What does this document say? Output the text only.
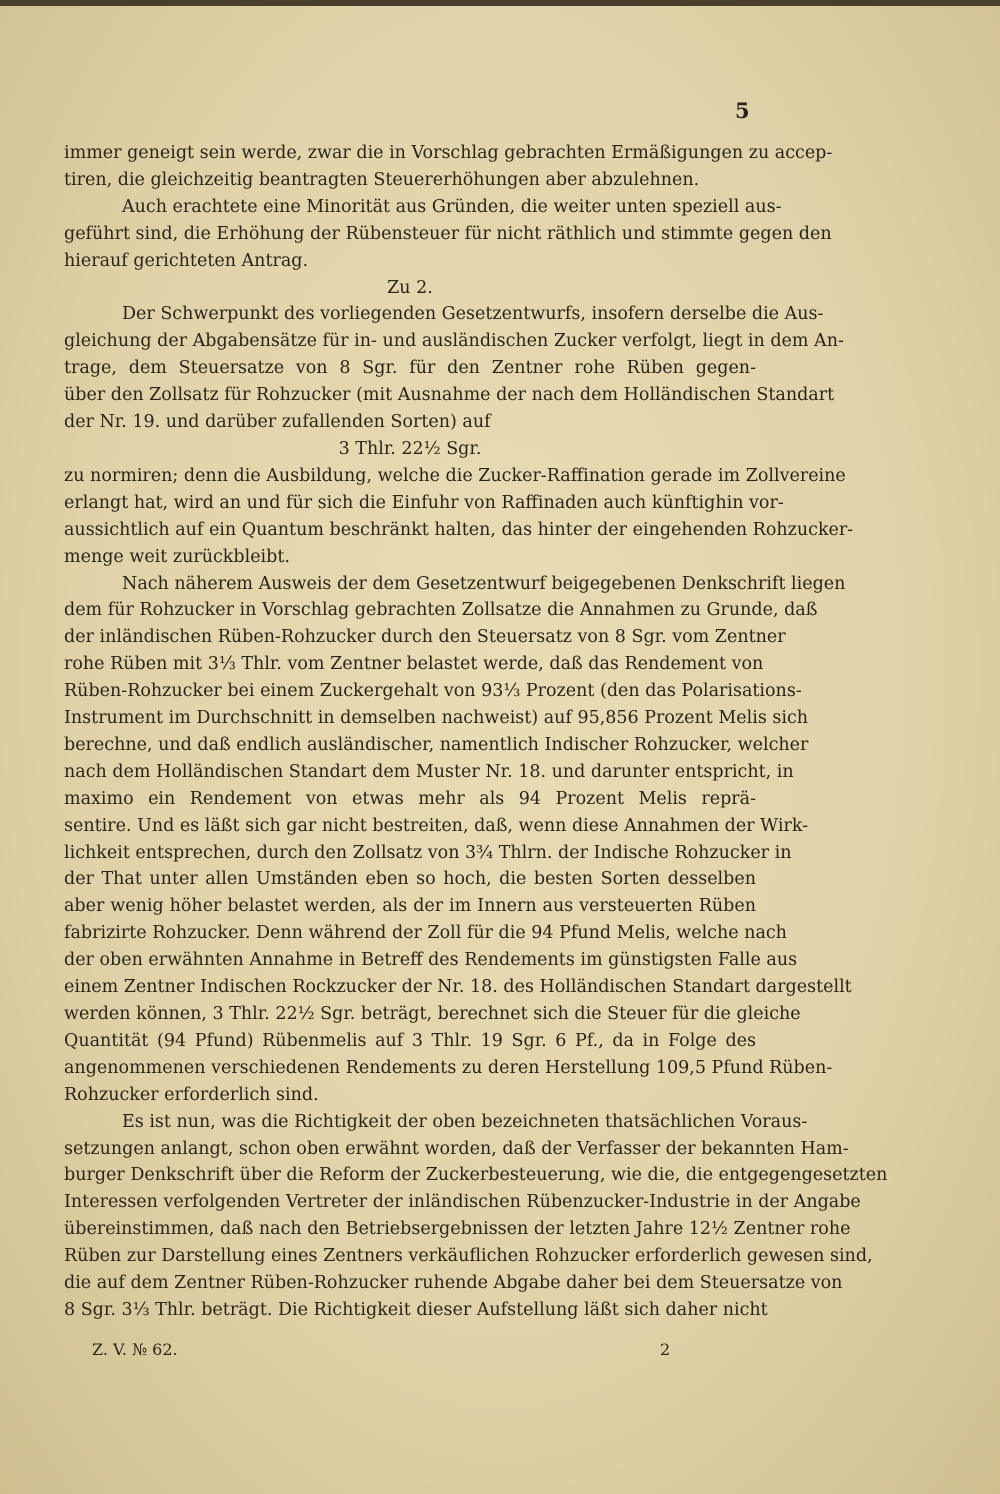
5
immer geneigt sein werde, zwar die in Vorschlag gebrachten Ermäßigungen zu accep-
tiren, die gleichzeitig beantragten Steuererhöhungen aber abzulehnen.
Auch erachtete eine Minorität aus Gründen, die weiter unten speziell aus-
geführt sind, die Erhöhung der Rübensteuer für nicht räthlich und stimmte gegen den
hierauf gerichteten Antrag.
Zu 2.
Der Schwerpunkt des vorliegenden Gesetzentwurfs, insofern derselbe die Aus-
gleichung der Abgabensätze für in- und ausländischen Zucker verfolgt, liegt in dem An-
trage, dem Steuersatze von 8 Sgr. für den Zentner rohe Rüben gegen-
über den Zollsatz für Rohzucker (mit Ausnahme der nach dem Holländischen Standart
der Nr. 19. und darüber zufallenden Sorten) auf
3 Thlr. 22½ Sgr.
zu normiren; denn die Ausbildung, welche die Zucker-Raffination gerade im Zollvereine
erlangt hat, wird an und für sich die Einfuhr von Raffinaden auch künftighin vor-
aussichtlich auf ein Quantum beschränkt halten, das hinter der eingehenden Rohzucker-
menge weit zurückbleibt.
Nach näherem Ausweis der dem Gesetzentwurf beigegebenen Denkschrift liegen
dem für Rohzucker in Vorschlag gebrachten Zollsatze die Annahmen zu Grunde, daß
der inländischen Rüben-Rohzucker durch den Steuersatz von 8 Sgr. vom Zentner
rohe Rüben mit 3⅓ Thlr. vom Zentner belastet werde, daß das Rendement von
Rüben-Rohzucker bei einem Zuckergehalt von 93⅓ Prozent (den das Polarisations-
Instrument im Durchschnitt in demselben nachweist) auf 95,856 Prozent Melis sich
berechne, und daß endlich ausländischer, namentlich Indischer Rohzucker, welcher
nach dem Holländischen Standart dem Muster Nr. 18. und darunter entspricht, in
maximo ein Rendement von etwas mehr als 94 Prozent Melis reprä-
sentire. Und es läßt sich gar nicht bestreiten, daß, wenn diese Annahmen der Wirk-
lichkeit entsprechen, durch den Zollsatz von 3¾ Thlrn. der Indische Rohzucker in
der That unter allen Umständen eben so hoch, die besten Sorten desselben
aber wenig höher belastet werden, als der im Innern aus versteuerten Rüben
fabrizirte Rohzucker. Denn während der Zoll für die 94 Pfund Melis, welche nach
der oben erwähnten Annahme in Betreff des Rendements im günstigsten Falle aus
einem Zentner Indischen Rockzucker der Nr. 18. des Holländischen Standart dargestellt
werden können, 3 Thlr. 22½ Sgr. beträgt, berechnet sich die Steuer für die gleiche
Quantität (94 Pfund) Rübenmelis auf 3 Thlr. 19 Sgr. 6 Pf., da in Folge des
angenommenen verschiedenen Rendements zu deren Herstellung 109,5 Pfund Rüben-
Rohzucker erforderlich sind.
Es ist nun, was die Richtigkeit der oben bezeichneten thatsächlichen Voraus-
setzungen anlangt, schon oben erwähnt worden, daß der Verfasser der bekannten Ham-
burger Denkschrift über die Reform der Zuckerbesteuerung, wie die, die entgegengesetzten
Interessen verfolgenden Vertreter der inländischen Rübenzucker-Industrie in der Angabe
übereinstimmen, daß nach den Betriebsergebnissen der letzten Jahre 12½ Zentner rohe
Rüben zur Darstellung eines Zentners verkäuflichen Rohzucker erforderlich gewesen sind,
die auf dem Zentner Rüben-Rohzucker ruhende Abgabe daher bei dem Steuersatze von
8 Sgr. 3⅓ Thlr. beträgt. Die Richtigkeit dieser Aufstellung läßt sich daher nicht
Z. V. № 62.	2
